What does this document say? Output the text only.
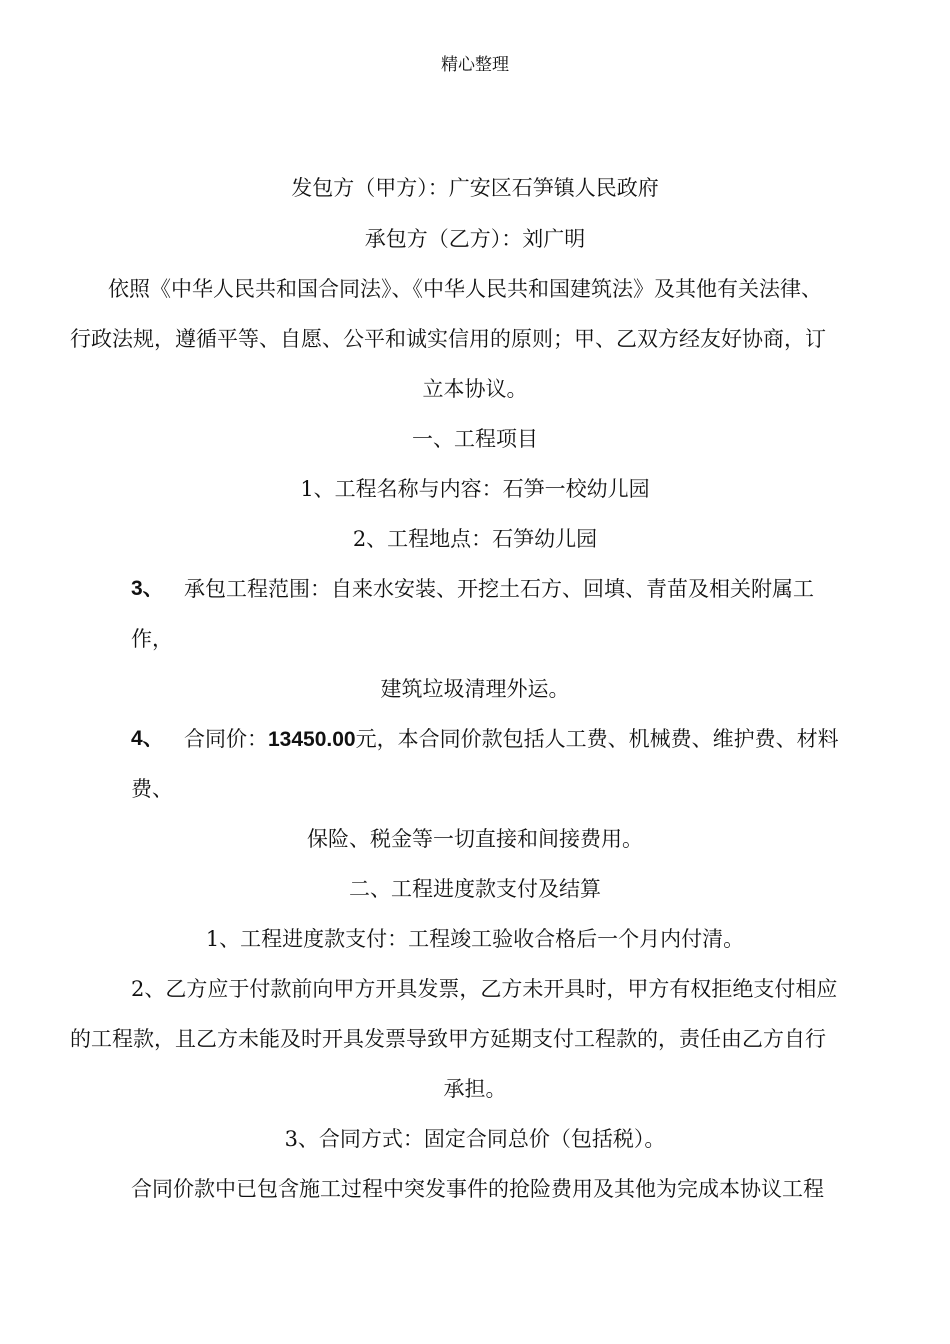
精心整理
发包方（甲方）：广安区石笋镇人民政府
承包方（乙方）：刘广明
依照《中华人民共和国合同法》、《中华人民共和国建筑法》及其他有关法律、
行政法规，遵循平等、自愿、公平和诚实信用的原则；甲、乙双方经友好协商，订
立本协议。
一、工程项目
1、工程名称与内容：石笋一校幼儿园
2、工程地点：石笋幼儿园
3、 承包工程范围：自来水安装、开挖土石方、回填、青苗及相关附属工
作，
建筑垃圾清理外运。
4、 合同价：13450.00元，本合同价款包括人工费、机械费、维护费、材料
费、
保险、税金等一切直接和间接费用。
二、工程进度款支付及结算
1、工程进度款支付：工程竣工验收合格后一个月内付清。
2、乙方应于付款前向甲方开具发票，乙方未开具时，甲方有权拒绝支付相应
的工程款，且乙方未能及时开具发票导致甲方延期支付工程款的，责任由乙方自行
承担。
3、合同方式：固定合同总价（包括税）。
合同价款中已包含施工过程中突发事件的抢险费用及其他为完成本协议工程
